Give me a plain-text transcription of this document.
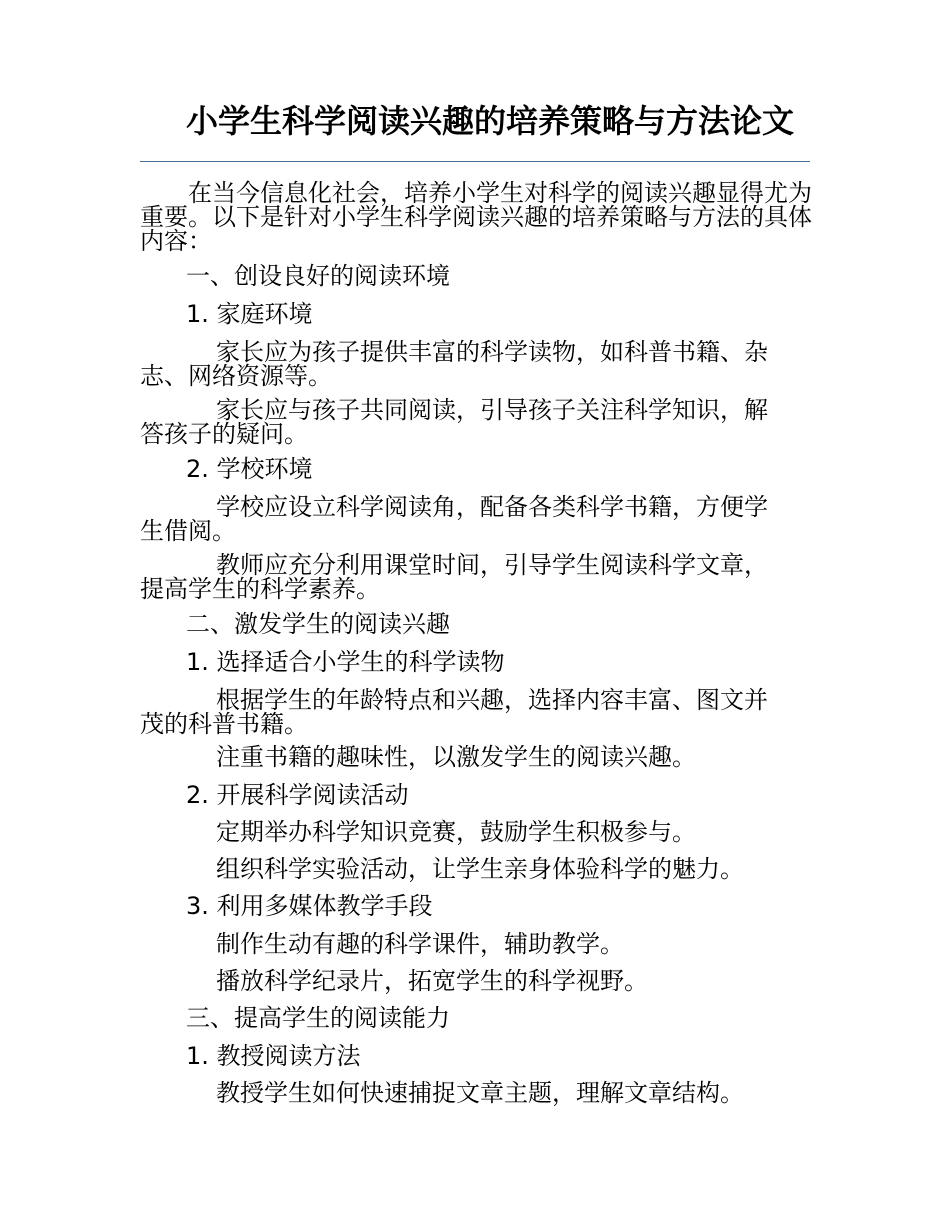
小学生科学阅读兴趣的培养策略与方法论文

在当今信息化社会，培养小学生对科学的阅读兴趣显得尤为重要。以下是针对小学生科学阅读兴趣的培养策略与方法的具体内容：

一、创设良好的阅读环境

1. 家庭环境

家长应为孩子提供丰富的科学读物，如科普书籍、杂志、网络资源等。

家长应与孩子共同阅读，引导孩子关注科学知识，解答孩子的疑问。

2. 学校环境

学校应设立科学阅读角，配备各类科学书籍，方便学生借阅。

教师应充分利用课堂时间，引导学生阅读科学文章，提高学生的科学素养。

二、激发学生的阅读兴趣

1. 选择适合小学生的科学读物

根据学生的年龄特点和兴趣，选择内容丰富、图文并茂的科普书籍。

注重书籍的趣味性，以激发学生的阅读兴趣。

2. 开展科学阅读活动

定期举办科学知识竞赛，鼓励学生积极参与。

组织科学实验活动，让学生亲身体验科学的魅力。

3. 利用多媒体教学手段

制作生动有趣的科学课件，辅助教学。

播放科学纪录片，拓宽学生的科学视野。

三、提高学生的阅读能力

1. 教授阅读方法

教授学生如何快速捕捉文章主题，理解文章结构。
